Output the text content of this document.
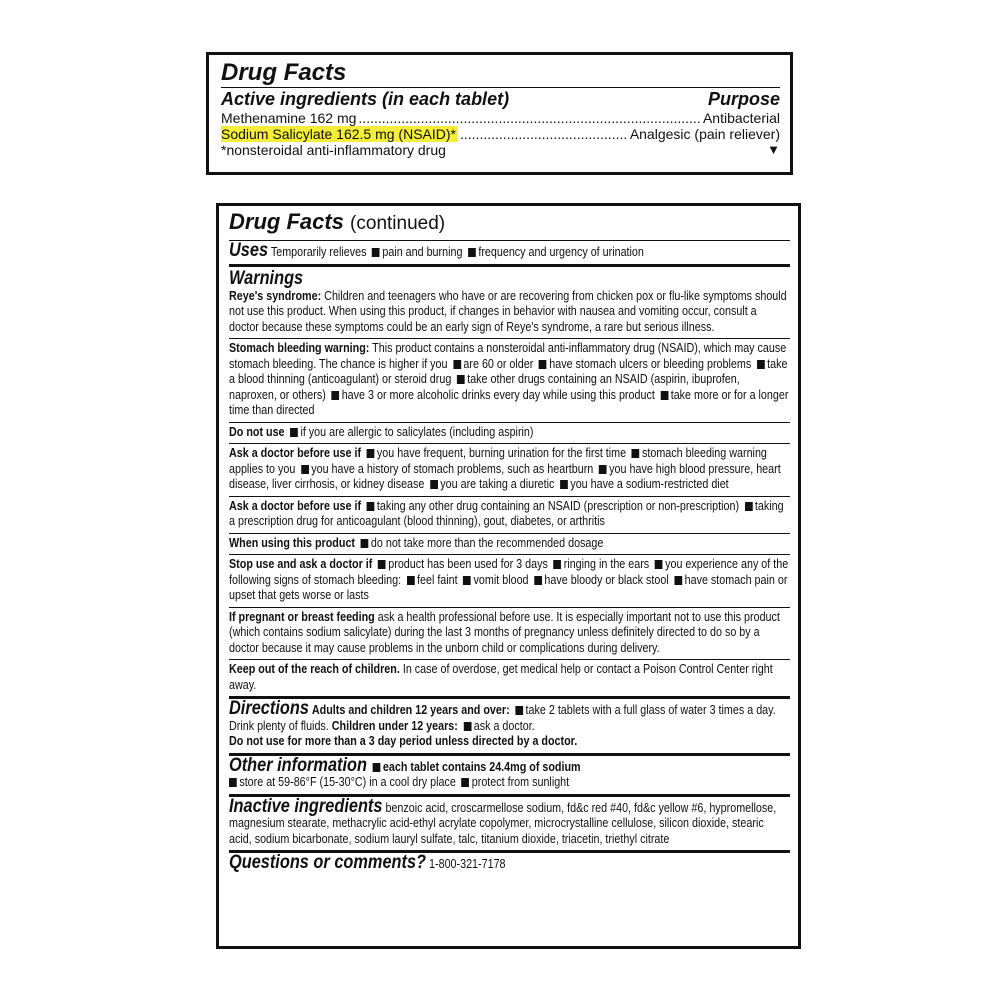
Drug Facts
Active ingredients (in each tablet)	Purpose
Methenamine 162 mg .....	Antibacterial
Sodium Salicylate 162.5 mg (NSAID)* .....	Analgesic (pain reliever)
*nonsteroidal anti-inflammatory drug	▼
Drug Facts (continued)
Uses Temporarily relieves pain and burning frequency and urgency of urination
Warnings
Reye's syndrome: Children and teenagers who have or are recovering from chicken pox or flu-like symptoms should not use this product. When using this product, if changes in behavior with nausea and vomiting occur, consult a doctor because these symptoms could be an early sign of Reye's syndrome, a rare but serious illness.
Stomach bleeding warning: This product contains a nonsteroidal anti-inflammatory drug (NSAID), which may cause stomach bleeding. The chance is higher if you are 60 or older have stomach ulcers or bleeding problems take a blood thinning (anticoagulant) or steroid drug take other drugs containing an NSAID (aspirin, ibuprofen, naproxen, or others) have 3 or more alcoholic drinks every day while using this product take more or for a longer time than directed
Do not use if you are allergic to salicylates (including aspirin)
Ask a doctor before use if you have frequent, burning urination for the first time stomach bleeding warning applies to you you have a history of stomach problems, such as heartburn you have high blood pressure, heart disease, liver cirrhosis, or kidney disease you are taking a diuretic you have a sodium-restricted diet
Ask a doctor before use if taking any other drug containing an NSAID (prescription or non-prescription) taking a prescription drug for anticoagulant (blood thinning), gout, diabetes, or arthritis
When using this product do not take more than the recommended dosage
Stop use and ask a doctor if product has been used for 3 days ringing in the ears you experience any of the following signs of stomach bleeding: feel faint vomit blood have bloody or black stool have stomach pain or upset that gets worse or lasts
If pregnant or breast feeding ask a health professional before use. It is especially important not to use this product (which contains sodium salicylate) during the last 3 months of pregnancy unless definitely directed to do so by a doctor because it may cause problems in the unborn child or complications during delivery.
Keep out of the reach of children. In case of overdose, get medical help or contact a Poison Control Center right away.
Directions Adults and children 12 years and over: take 2 tablets with a full glass of water 3 times a day. Drink plenty of fluids. Children under 12 years: ask a doctor.
Do not use for more than a 3 day period unless directed by a doctor.
Other information each tablet contains 24.4mg of sodium
store at 59-86°F (15-30°C) in a cool dry place protect from sunlight
Inactive ingredients benzoic acid, croscarmellose sodium, fd&c red #40, fd&c yellow #6, hypromellose, magnesium stearate, methacrylic acid-ethyl acrylate copolymer, microcrystalline cellulose, silicon dioxide, stearic acid, sodium bicarbonate, sodium lauryl sulfate, talc, titanium dioxide, triacetin, triethyl citrate
Questions or comments? 1-800-321-7178
